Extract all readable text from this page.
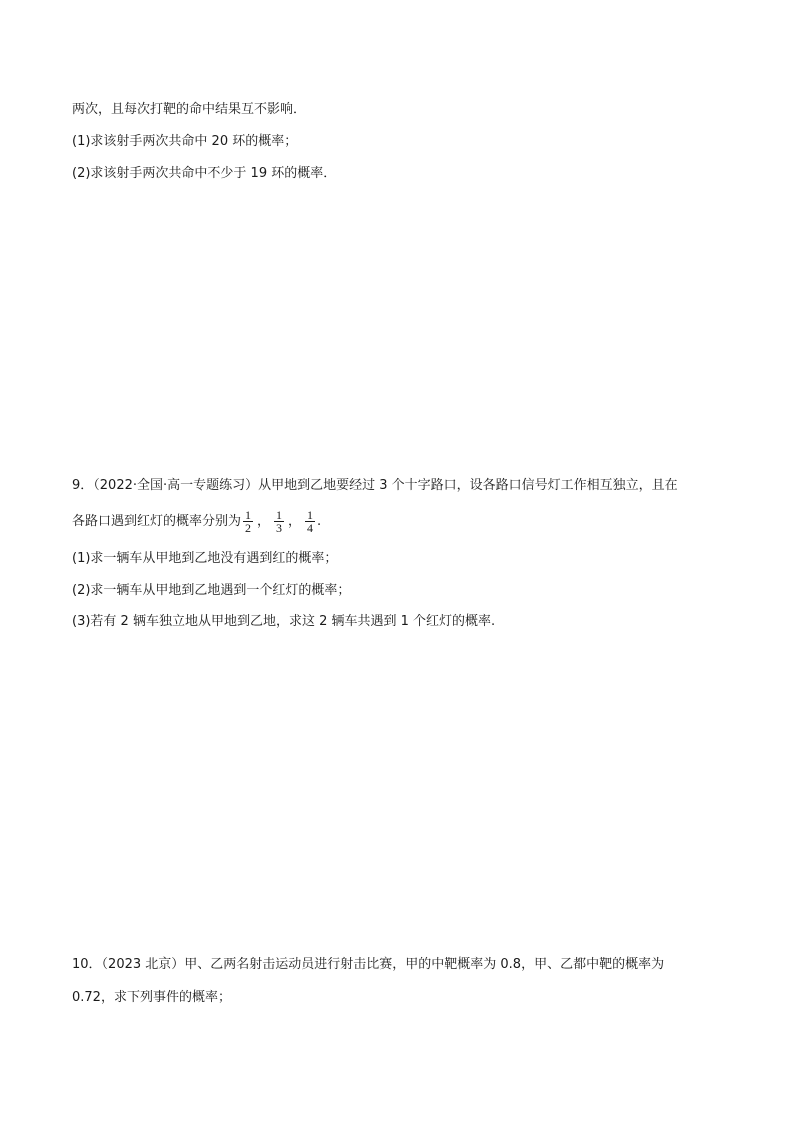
两次，且每次打靶的命中结果互不影响．
(1)求该射手两次共命中 20 环的概率；
(2)求该射手两次共命中不少于 19 环的概率．
9．（2022·全国·高一专题练习）从甲地到乙地要经过 3 个十字路口，设各路口信号灯工作相互独立，且在
各路口遇到红灯的概率分别为 $\frac{1}{2}$ ， $\frac{1}{3}$ ， $\frac{1}{4}$ .
(1)求一辆车从甲地到乙地没有遇到红的概率；
(2)求一辆车从甲地到乙地遇到一个红灯的概率；
(3)若有 2 辆车独立地从甲地到乙地，求这 2 辆车共遇到 1 个红灯的概率.
10．（2023 北京）甲、乙两名射击运动员进行射击比赛，甲的中靶概率为 0.8，甲、乙都中靶的概率为
0.72，求下列事件的概率；
